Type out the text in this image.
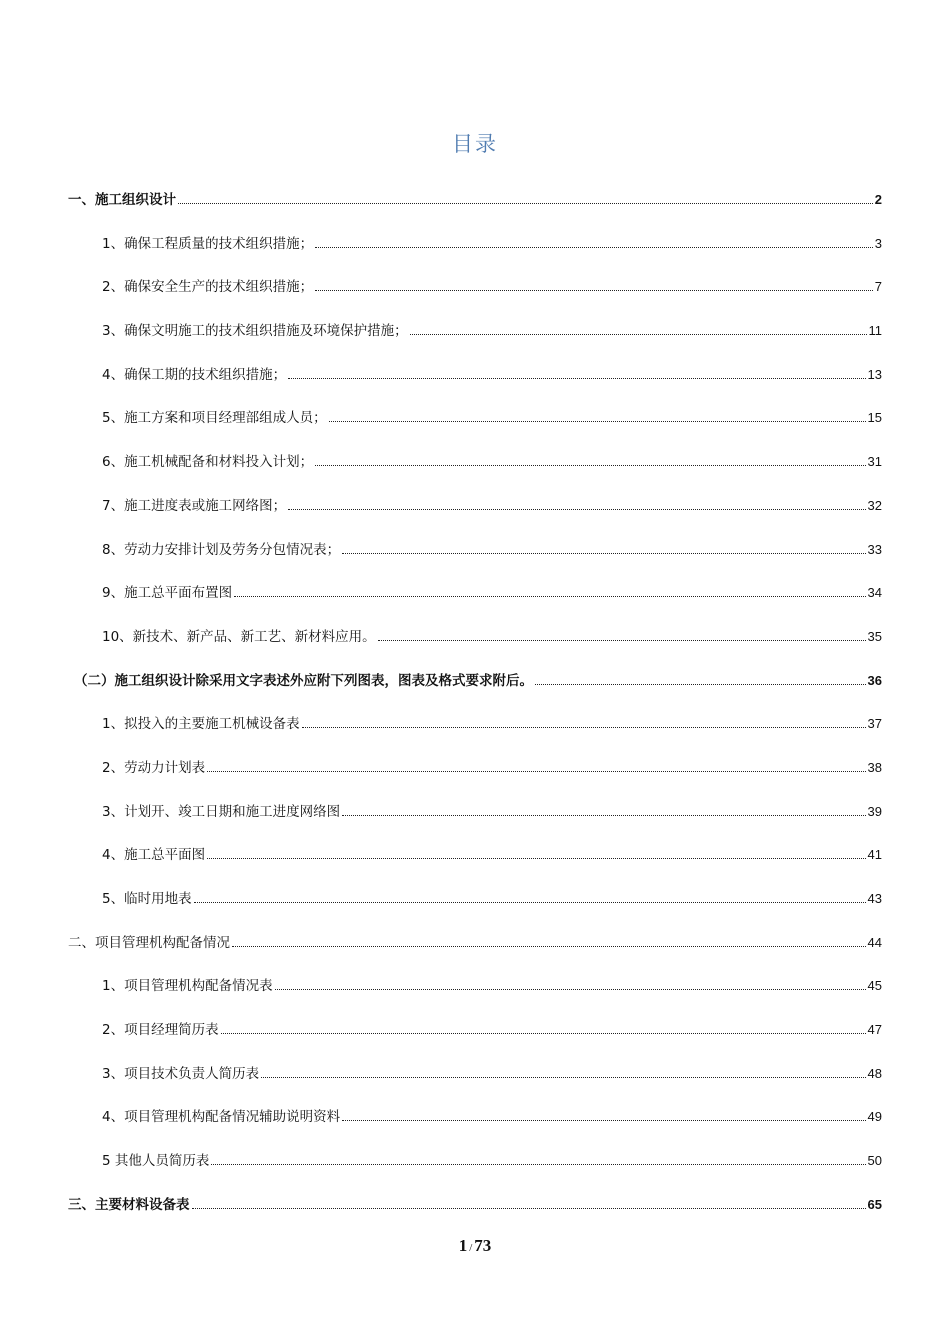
目录
一、施工组织设计	2
1、确保工程质量的技术组织措施；	3
2、确保安全生产的技术组织措施；	7
3、确保文明施工的技术组织措施及环境保护措施；	11
4、确保工期的技术组织措施；	13
5、施工方案和项目经理部组成人员；	15
6、施工机械配备和材料投入计划；	31
7、施工进度表或施工网络图；	32
8、劳动力安排计划及劳务分包情况表；	33
9、施工总平面布置图	34
10、新技术、新产品、新工艺、新材料应用。	35
（二）施工组织设计除采用文字表述外应附下列图表，图表及格式要求附后。	36
1、拟投入的主要施工机械设备表	37
2、劳动力计划表	38
3、计划开、竣工日期和施工进度网络图	39
4、施工总平面图	41
5、临时用地表	43
二、项目管理机构配备情况	44
1、项目管理机构配备情况表	45
2、项目经理简历表	47
3、项目技术负责人简历表	48
4、项目管理机构配备情况辅助说明资料	49
5 其他人员简历表	50
三、主要材料设备表	65
1 / 73
